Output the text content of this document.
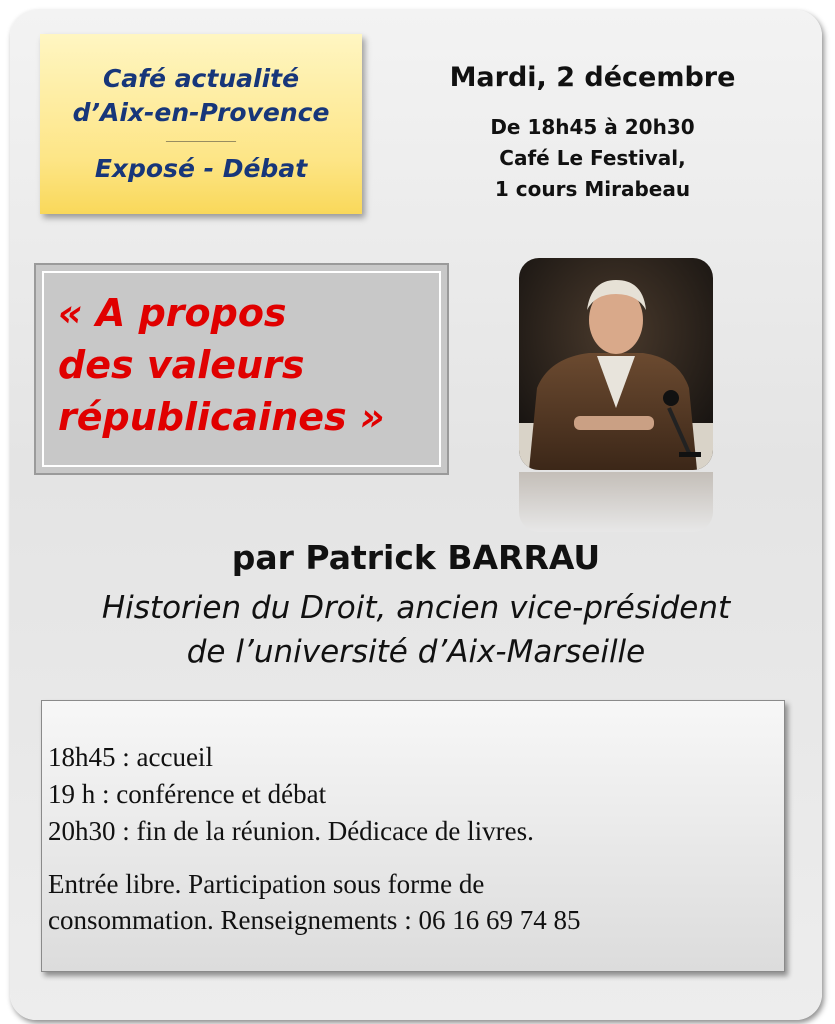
Café actualité
d’Aix-en-Provence
____________________
Exposé - Débat
Mardi, 2 décembre
De 18h45 à 20h30
Café Le Festival,
1 cours Mirabeau
« A propos
des valeurs
républicaines »
par Patrick BARRAU
Historien du Droit, ancien vice-président
de l’université d’Aix-Marseille
18h45 : accueil
19 h : conférence et débat
20h30 : fin de la réunion. Dédicace de livres.
Entrée libre. Participation sous forme de
consommation. Renseignements : 06 16 69 74 85
